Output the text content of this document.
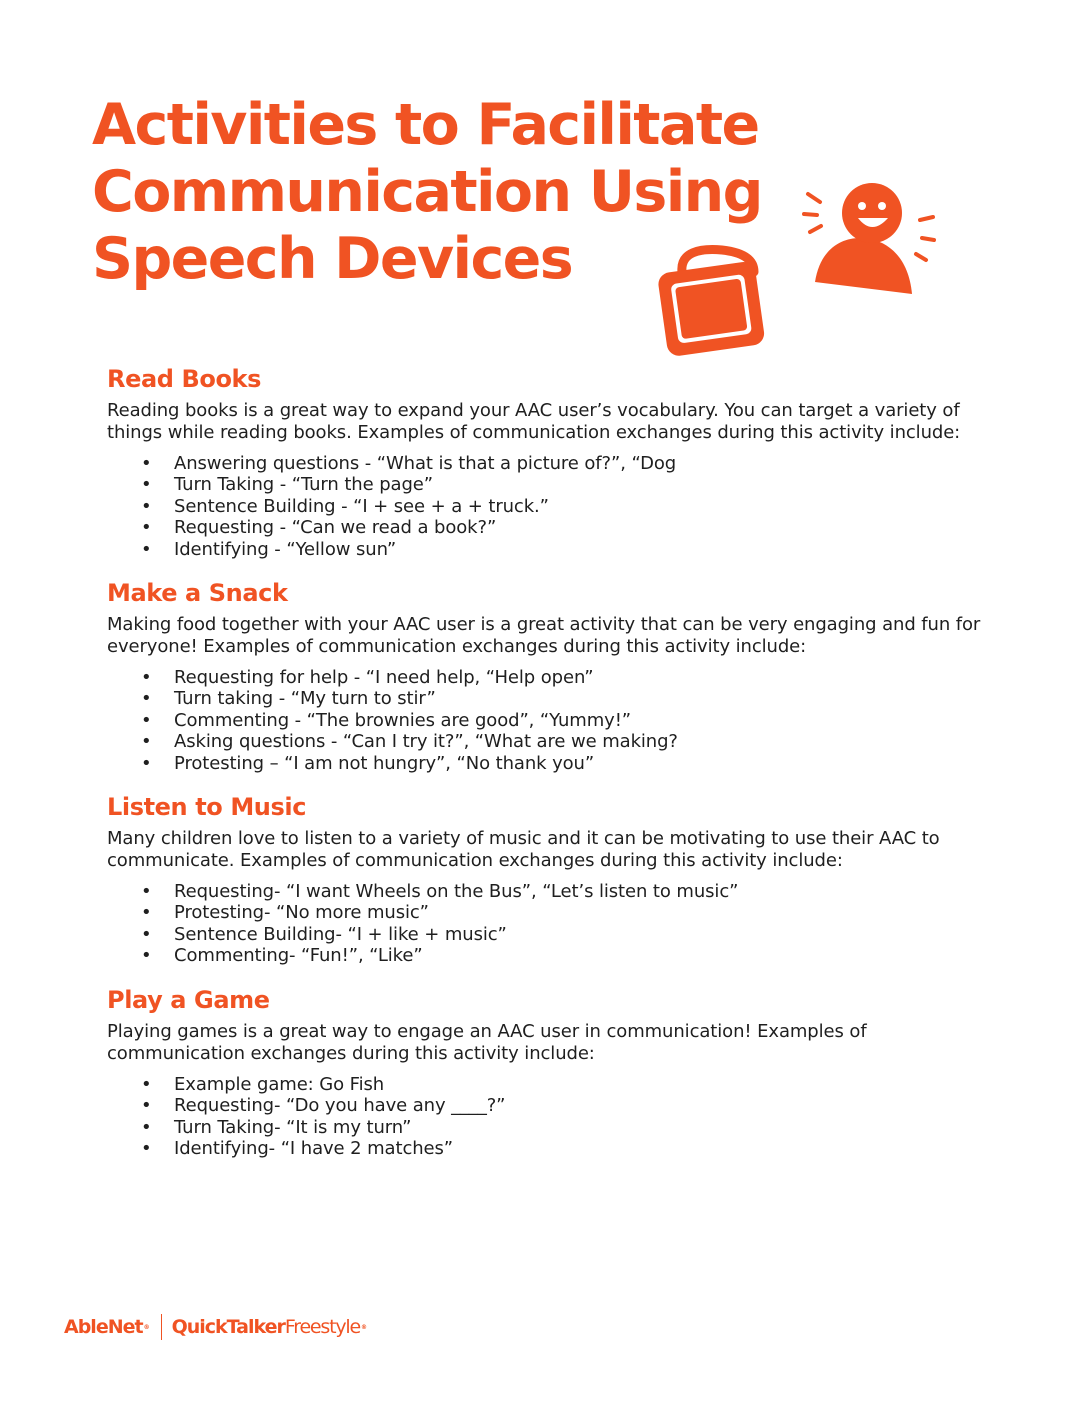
Activities to Facilitate
Communication Using
Speech Devices
Read Books

Reading books is a great way to expand your AAC user’s vocabulary. You can target a variety of things while reading books. Examples of communication exchanges during this activity include:

• Answering questions - “What is that a picture of?”, “Dog
• Turn Taking - “Turn the page”
• Sentence Building - “I + see + a + truck.”
• Requesting - “Can we read a book?”
• Identifying - “Yellow sun”
Make a Snack

Making food together with your AAC user is a great activity that can be very engaging and fun for everyone! Examples of communication exchanges during this activity include:

• Requesting for help - “I need help, “Help open”
• Turn taking - “My turn to stir”
• Commenting - “The brownies are good”, “Yummy!”
• Asking questions - “Can I try it?”, “What are we making?
• Protesting – “I am not hungry”, “No thank you”
Listen to Music

Many children love to listen to a variety of music and it can be motivating to use their AAC to communicate. Examples of communication exchanges during this activity include:

• Requesting- “I want Wheels on the Bus”, “Let’s listen to music”
• Protesting- “No more music”
• Sentence Building- “I + like + music”
• Commenting- “Fun!”, “Like”
Play a Game

Playing games is a great way to engage an AAC user in communication! Examples of communication exchanges during this activity include:

• Example game: Go Fish
• Requesting- “Do you have any ____?”
• Turn Taking- “It is my turn”
• Identifying- “I have 2 matches”
AbleNet ® QuickTalker Freestyle ®
